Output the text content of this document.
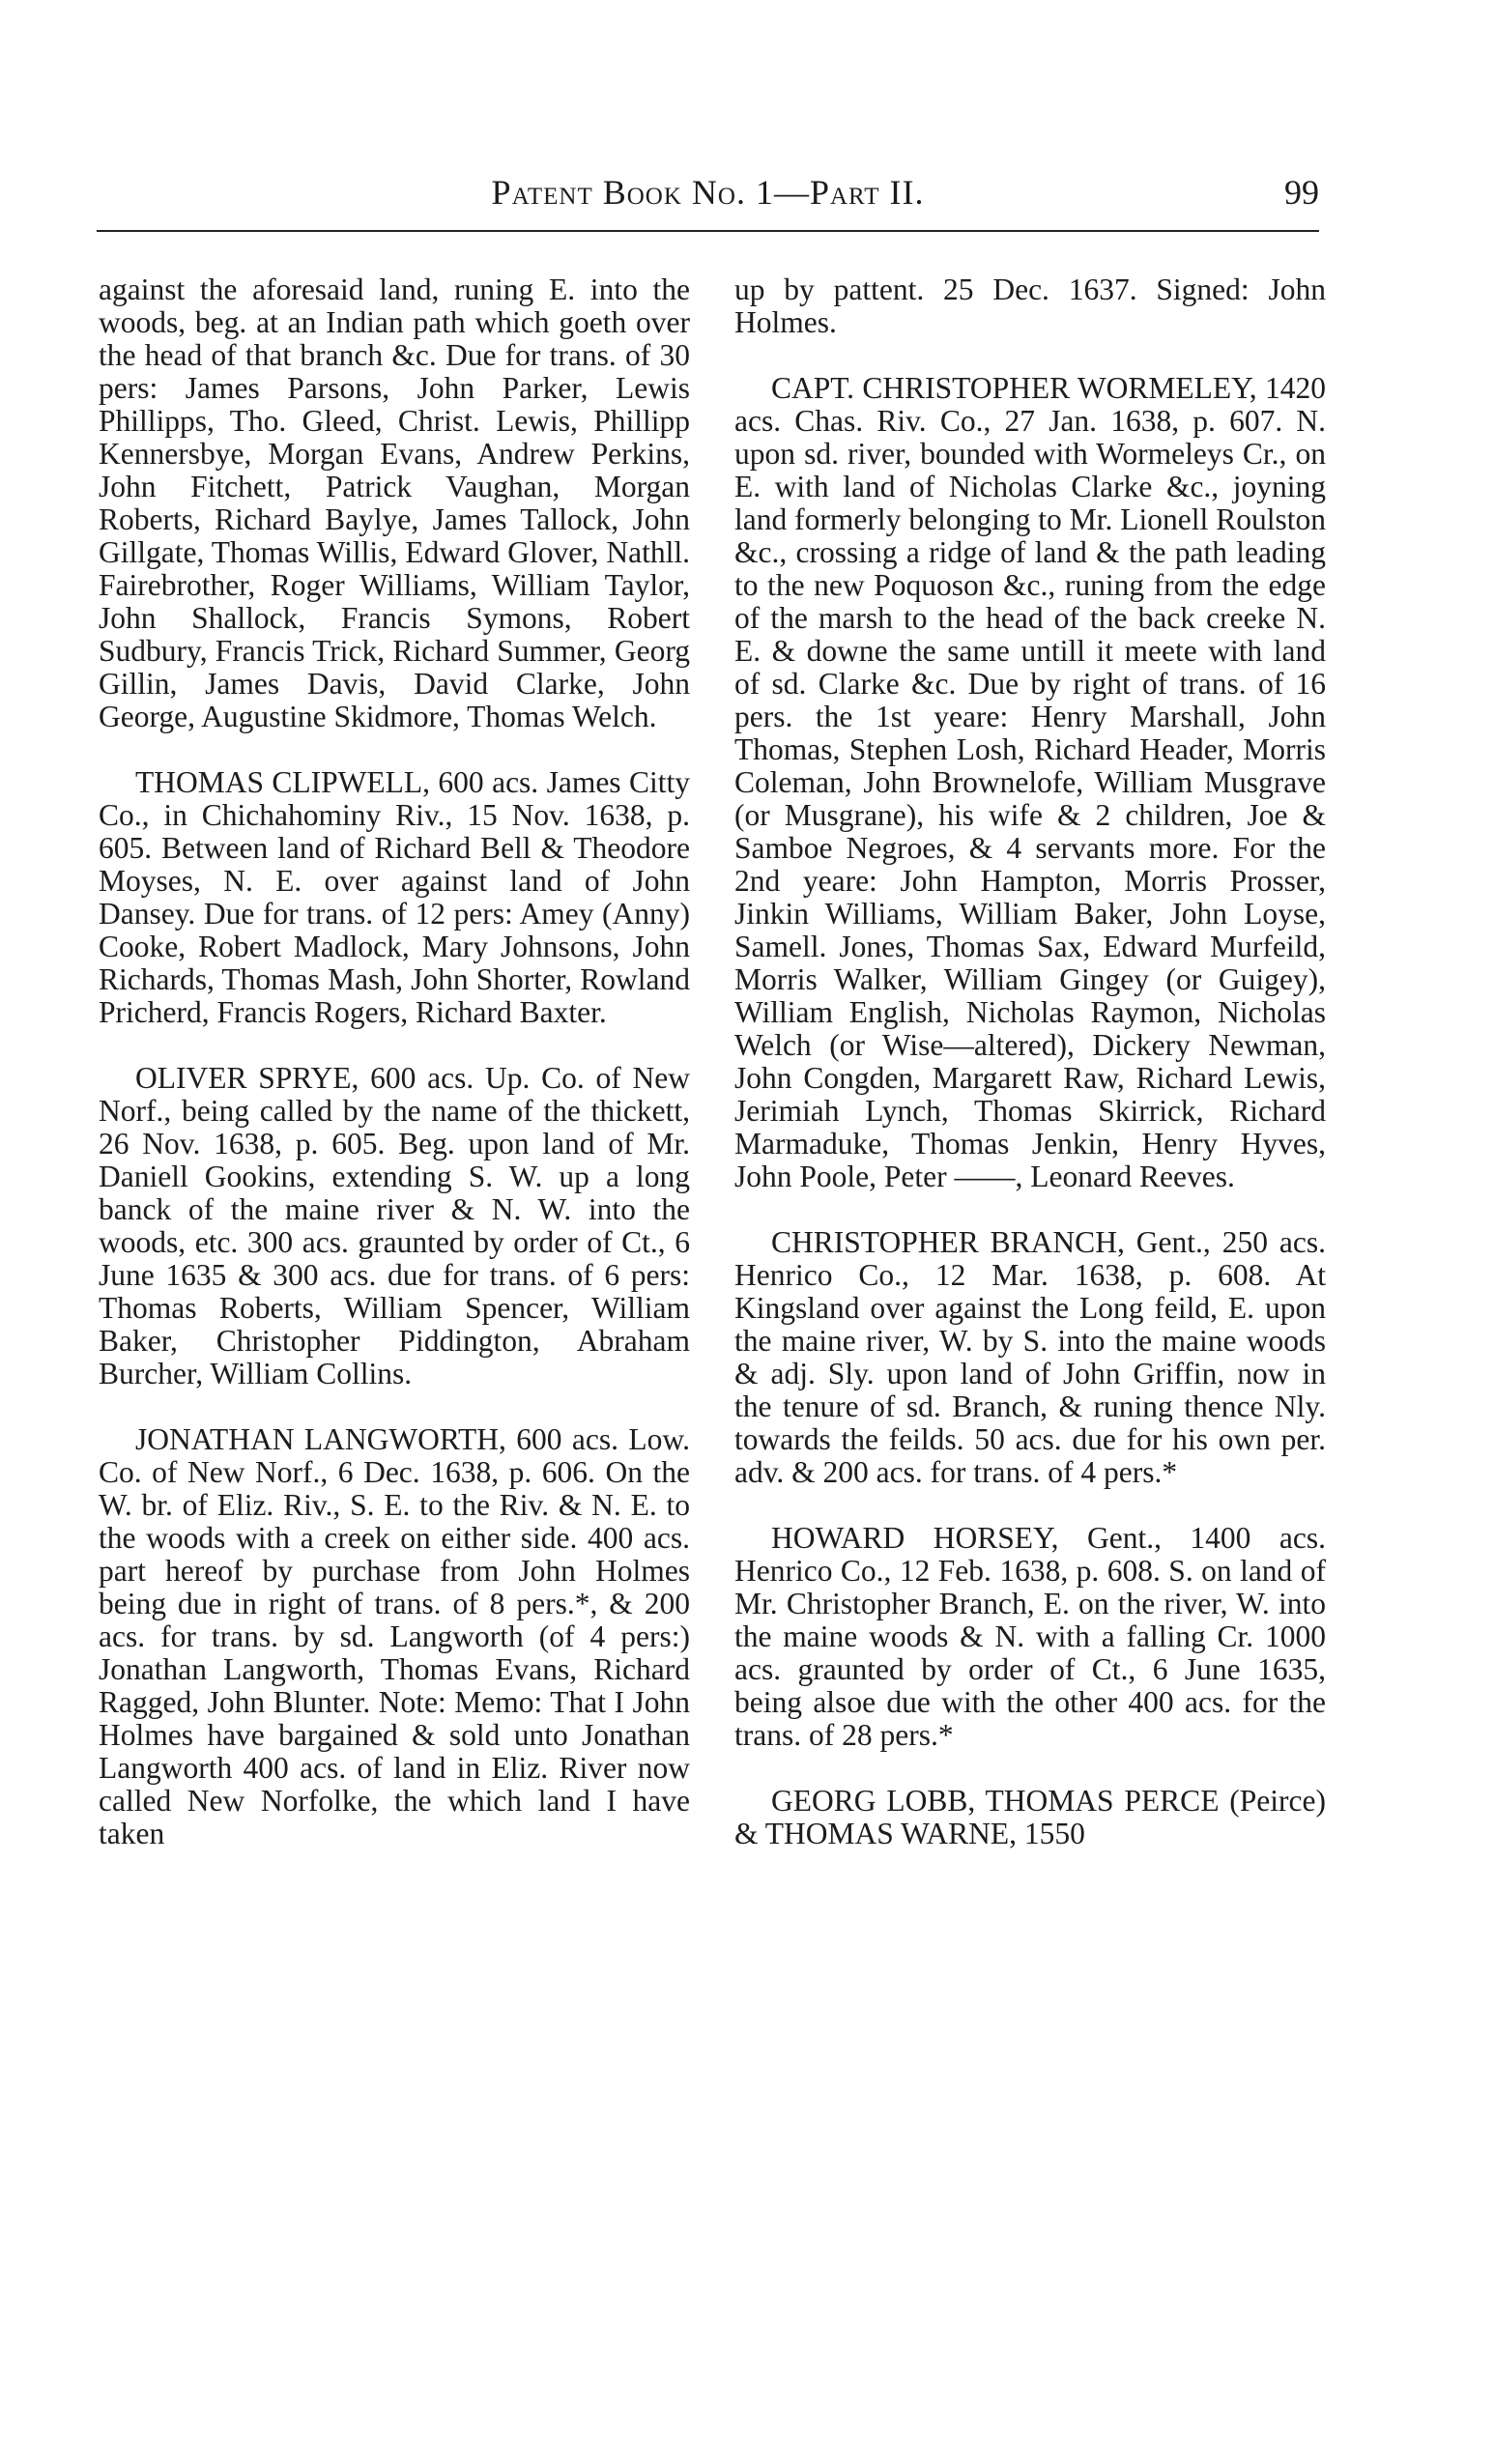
Patent Book No. 1—Part II.	99

against the aforesaid land, runing E. into the woods, beg. at an Indian path which goeth over the head of that branch &c. Due for trans. of 30 pers: James Parsons, John Parker, Lewis Phillipps, Tho. Gleed, Christ. Lewis, Phillipp Kennersbye, Morgan Evans, Andrew Perkins, John Fitchett, Patrick Vaughan, Morgan Roberts, Richard Baylye, James Tallock, John Gillgate, Thomas Willis, Edward Glover, Nathll. Fairebrother, Roger Williams, William Taylor, John Shallock, Francis Symons, Robert Sudbury, Francis Trick, Richard Summer, Georg Gillin, James Davis, David Clarke, John George, Augustine Skidmore, Thomas Welch.

THOMAS CLIPWELL, 600 acs. James Citty Co., in Chichahominy Riv., 15 Nov. 1638, p. 605. Between land of Richard Bell & Theodore Moyses, N. E. over against land of John Dansey. Due for trans. of 12 pers: Amey (Anny) Cooke, Robert Madlock, Mary Johnsons, John Richards, Thomas Mash, John Shorter, Rowland Pricherd, Francis Rogers, Richard Baxter.

OLIVER SPRYE, 600 acs. Up. Co. of New Norf., being called by the name of the thickett, 26 Nov. 1638, p. 605. Beg. upon land of Mr. Daniell Gookins, extending S. W. up a long banck of the maine river & N. W. into the woods, etc. 300 acs. graunted by order of Ct., 6 June 1635 & 300 acs. due for trans. of 6 pers: Thomas Roberts, William Spencer, William Baker, Christopher Piddington, Abraham Burcher, William Collins.

JONATHAN LANGWORTH, 600 acs. Low. Co. of New Norf., 6 Dec. 1638, p. 606. On the W. br. of Eliz. Riv., S. E. to the Riv. & N. E. to the woods with a creek on either side. 400 acs. part hereof by purchase from John Holmes being due in right of trans. of 8 pers.*, & 200 acs. for trans. by sd. Langworth (of 4 pers:) Jonathan Langworth, Thomas Evans, Richard Ragged, John Blunter. Note: Memo: That I John Holmes have bargained & sold unto Jonathan Langworth 400 acs. of land in Eliz. River now called New Norfolke, the which land I have taken

up by pattent. 25 Dec. 1637. Signed: John Holmes.

CAPT. CHRISTOPHER WORMELEY, 1420 acs. Chas. Riv. Co., 27 Jan. 1638, p. 607. N. upon sd. river, bounded with Wormeleys Cr., on E. with land of Nicholas Clarke &c., joyning land formerly belonging to Mr. Lionell Roulston &c., crossing a ridge of land & the path leading to the new Poquoson &c., runing from the edge of the marsh to the head of the back creeke N. E. & downe the same untill it meete with land of sd. Clarke &c. Due by right of trans. of 16 pers. the 1st yeare: Henry Marshall, John Thomas, Stephen Losh, Richard Header, Morris Coleman, John Brownelofe, William Musgrave (or Musgrane), his wife & 2 children, Joe & Samboe Negroes, & 4 servants more. For the 2nd yeare: John Hampton, Morris Prosser, Jinkin Williams, William Baker, John Loyse, Samell. Jones, Thomas Sax, Edward Murfeild, Morris Walker, William Gingey (or Guigey), William English, Nicholas Raymon, Nicholas Welch (or Wise—altered), Dickery Newman, John Congden, Margarett Raw, Richard Lewis, Jerimiah Lynch, Thomas Skirrick, Richard Marmaduke, Thomas Jenkin, Henry Hyves, John Poole, Peter ——, Leonard Reeves.

CHRISTOPHER BRANCH, Gent., 250 acs. Henrico Co., 12 Mar. 1638, p. 608. At Kingsland over against the Long feild, E. upon the maine river, W. by S. into the maine woods & adj. Sly. upon land of John Griffin, now in the tenure of sd. Branch, & runing thence Nly. towards the feilds. 50 acs. due for his own per. adv. & 200 acs. for trans. of 4 pers.*

HOWARD HORSEY, Gent., 1400 acs. Henrico Co., 12 Feb. 1638, p. 608. S. on land of Mr. Christopher Branch, E. on the river, W. into the maine woods & N. with a falling Cr. 1000 acs. graunted by order of Ct., 6 June 1635, being alsoe due with the other 400 acs. for the trans. of 28 pers.*

GEORG LOBB, THOMAS PERCE (Peirce) & THOMAS WARNE, 1550
